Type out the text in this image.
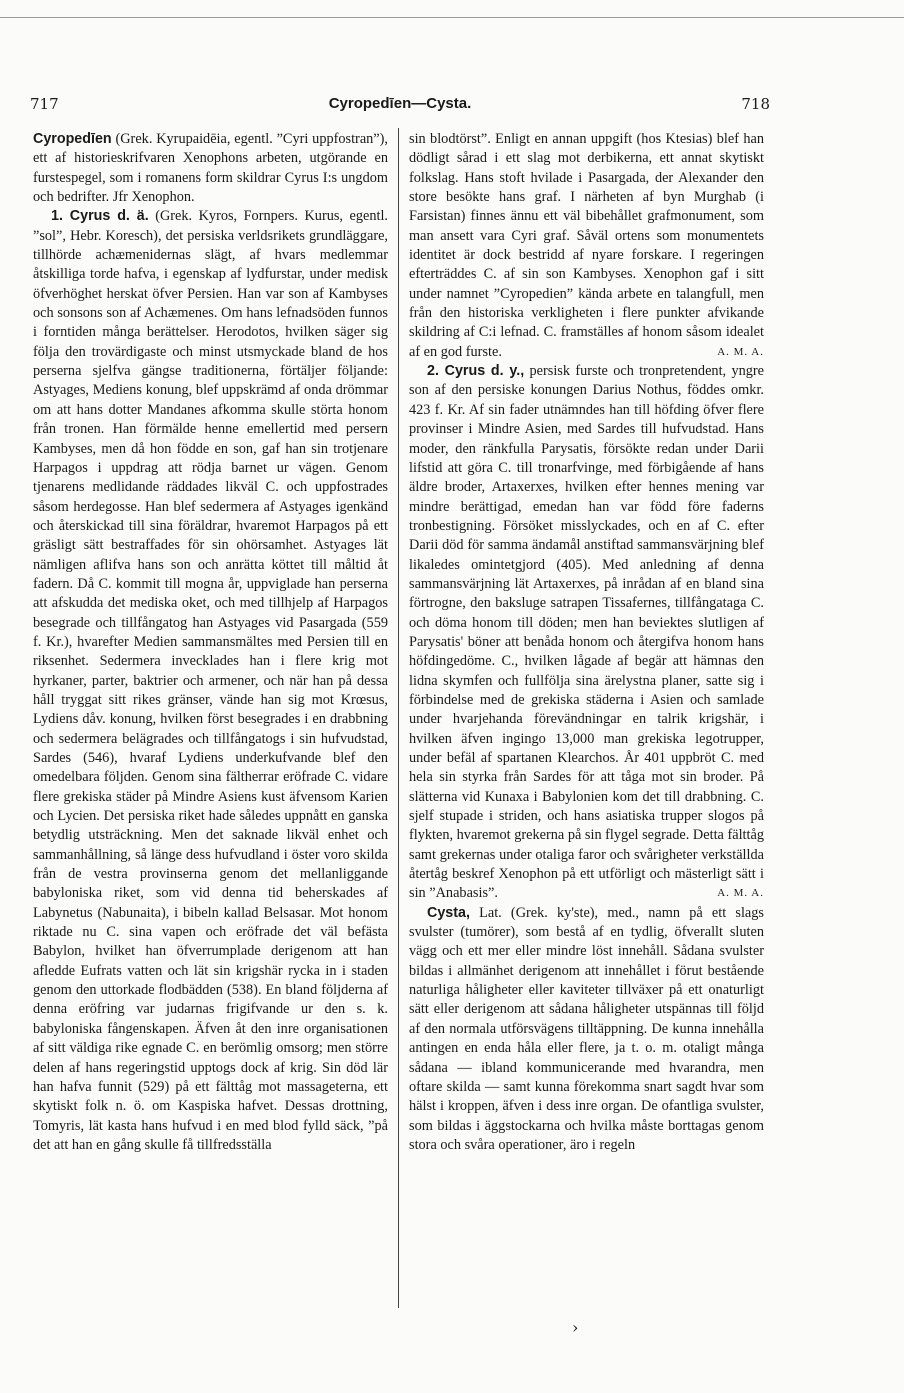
717	Cyropedīen—Cysta.	718

Cyropedīen (Grek. Kyrupaidēia, egentl. ”Cyri uppfostran”), ett af historieskrifvaren Xenophons arbeten, utgörande en furstespegel, som i romanens form skildrar Cyrus I:s ungdom och bedrifter. Jfr Xenophon.

1. Cyrus d. ä. (Grek. Kyros, Fornpers. Kurus, egentl. ”sol”, Hebr. Koresch), det persiska verldsrikets grundläggare, tillhörde achæmenidernas slägt, af hvars medlemmar åtskilliga torde hafva, i egenskap af lydfurstar, under medisk öfverhöghet herskat öfver Persien. Han var son af Kambyses och sonsons son af Achæmenes. Om hans lefnadsöden funnos i forntiden många berättelser. Herodotos, hvilken säger sig följa den trovärdigaste och minst utsmyckade bland de hos perserna sjelfva gängse traditionerna, förtäljer följande: Astyages, Mediens konung, blef uppskrämd af onda drömmar om att hans dotter Mandanes afkomma skulle störta honom från tronen. Han förmälde henne emellertid med persern Kambyses, men då hon födde en son, gaf han sin trotjenare Harpagos i uppdrag att rödja barnet ur vägen. Genom tjenarens medlidande räddades likväl C. och uppfostrades såsom herdegosse. Han blef sedermera af Astyages igenkänd och återskickad till sina föräldrar, hvaremot Harpagos på ett gräsligt sätt bestraffades för sin ohörsamhet. Astyages lät nämligen aflifva hans son och anrätta köttet till måltid åt fadern. Då C. kommit till mogna år, uppviglade han perserna att afskudda det mediska oket, och med tillhjelp af Harpagos besegrade och tillfångatog han Astyages vid Pasargada (559 f. Kr.), hvarefter Medien sammansmältes med Persien till en riksenhet. Sedermera invecklades han i flere krig mot hyrkaner, parter, baktrier och armener, och när han på dessa håll tryggat sitt rikes gränser, vände han sig mot Krœsus, Lydiens dåv. konung, hvilken först besegrades i en drabbning och sedermera belägrades och tillfångatogs i sin hufvudstad, Sardes (546), hvaraf Lydiens underkufvande blef den omedelbara följden. Genom sina fältherrar eröfrade C. vidare flere grekiska städer på Mindre Asiens kust äfvensom Karien och Lycien. Det persiska riket hade således uppnått en ganska betydlig utsträckning. Men det saknade likväl enhet och sammanhållning, så länge dess hufvudland i öster voro skilda från de vestra provinserna genom det mellanliggande babyloniska riket, som vid denna tid beherskades af Labynetus (Nabunaita), i bibeln kallad Belsasar. Mot honom riktade nu C. sina vapen och eröfrade det väl befästa Babylon, hvilket han öfverrumplade derigenom att han afledde Eufrats vatten och lät sin krigshär rycka in i staden genom den uttorkade flodbädden (538). En bland följderna af denna eröfring var judarnas frigifvande ur den s. k. babyloniska fångenskapen. Äfven åt den inre organisationen af sitt väldiga rike egnade C. en berömlig omsorg; men större delen af hans regeringstid upptogs dock af krig. Sin död lär han hafva funnit (529) på ett fälttåg mot massageterna, ett skytiskt folk n. ö. om Kaspiska hafvet. Dessas drottning, Tomyris, lät kasta hans hufvud i en med blod fylld säck, ”på det att han en gång skulle få tillfredsställa

sin blodtörst”. Enligt en annan uppgift (hos Ktesias) blef han dödligt sårad i ett slag mot derbikerna, ett annat skytiskt folkslag. Hans stoft hvilade i Pasargada, der Alexander den store besökte hans graf. I närheten af byn Murghab (i Farsistan) finnes ännu ett väl bibehållet grafmonument, som man ansett vara Cyri graf. Såväl ortens som monumentets identitet är dock bestridd af nyare forskare. I regeringen efterträddes C. af sin son Kambyses. Xenophon gaf i sitt under namnet ”Cyropedien” kända arbete en talangfull, men från den historiska verkligheten i flere punkter afvikande skildring af C:i lefnad. C. framställes af honom såsom idealet af en god furste.	A. M. A.

2. Cyrus d. y., persisk furste och tronpretendent, yngre son af den persiske konungen Darius Nothus, föddes omkr. 423 f. Kr. Af sin fader utnämndes han till höfding öfver flere provinser i Mindre Asien, med Sardes till hufvudstad. Hans moder, den ränkfulla Parysatis, försökte redan under Darii lifstid att göra C. till tronarfvinge, med förbigående af hans äldre broder, Artaxerxes, hvilken efter hennes mening var mindre berättigad, emedan han var född före faderns tronbestigning. Försöket misslyckades, och en af C. efter Darii död för samma ändamål anstiftad sammansvärjning blef likaledes omintetgjord (405). Med anledning af denna sammansvärjning lät Artaxerxes, på inrådan af en bland sina förtrogne, den baksluge satrapen Tissafernes, tillfångataga C. och döma honom till döden; men han beviektes slutligen af Parysatis' böner att benåda honom och återgifva honom hans höfdingedöme. C., hvilken lågade af begär att hämnas den lidna skymfen och fullfölja sina ärelystna planer, satte sig i förbindelse med de grekiska städerna i Asien och samlade under hvarjehanda förevändningar en talrik krigshär, i hvilken äfven ingingo 13,000 man grekiska legotrupper, under befäl af spartanen Klearchos. År 401 uppbröt C. med hela sin styrka från Sardes för att tåga mot sin broder. På slätterna vid Kunaxa i Babylonien kom det till drabbning. C. sjelf stupade i striden, och hans asiatiska trupper slogos på flykten, hvaremot grekerna på sin flygel segrade. Detta fälttåg samt grekernas under otaliga faror och svårigheter verkställda återtåg beskref Xenophon på ett utförligt och mästerligt sätt i sin ”Anabasis”.	A. M. A.

Cysta, Lat. (Grek. ky'ste), med., namn på ett slags svulster (tumörer), som bestå af en tydlig, öfverallt sluten vägg och ett mer eller mindre löst innehåll. Sådana svulster bildas i allmänhet derigenom att innehållet i förut bestående naturliga håligheter eller kaviteter tillväxer på ett onaturligt sätt eller derigenom att sådana håligheter utspännas till följd af den normala utförsvägens tilltäppning. De kunna innehålla antingen en enda håla eller flere, ja t. o. m. otaligt många sådana — ibland kommunicerande med hvarandra, men oftare skilda — samt kunna förekomma snart sagdt hvar som hälst i kroppen, äfven i dess inre organ. De ofantliga svulster, som bildas i äggstockarna och hvilka måste borttagas genom stora och svåra operationer, äro i regeln

›
